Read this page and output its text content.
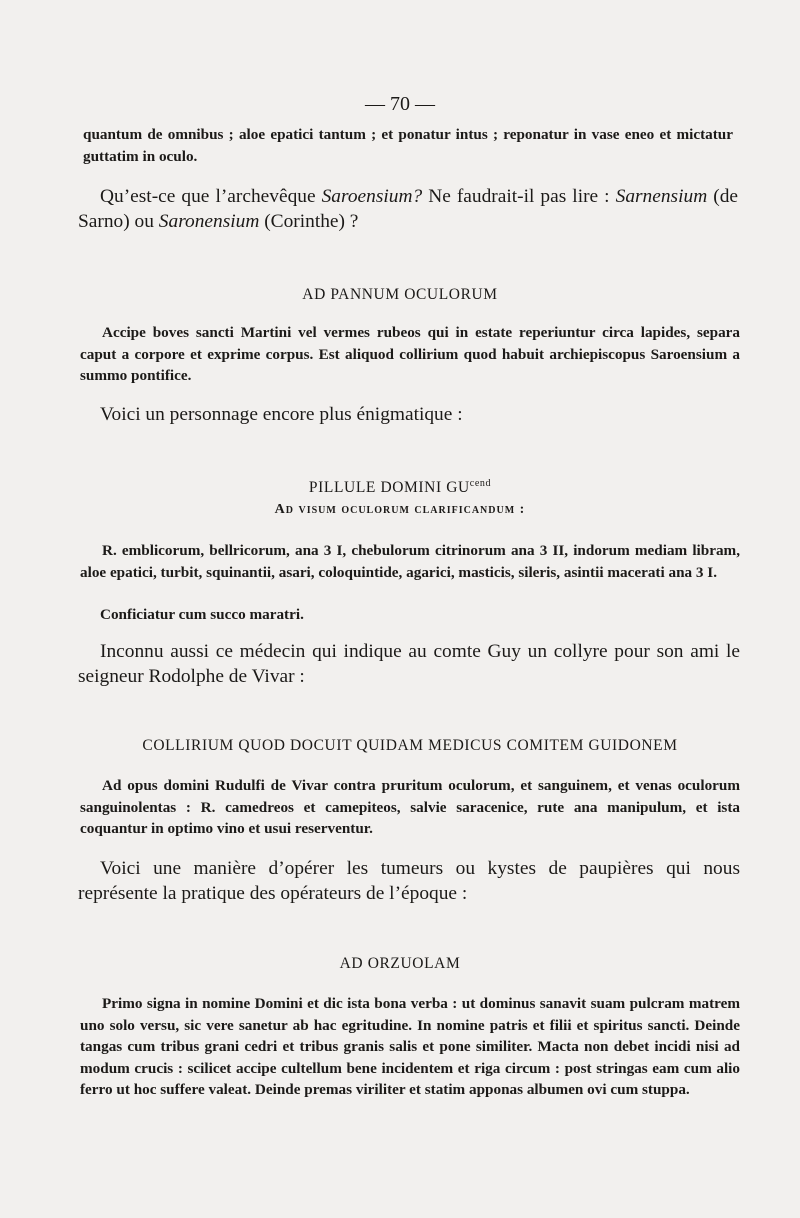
— 70 —

quantum de omnibus ; aloe epatici tantum ; et ponatur intus ; reponatur in vase eneo et mictatur guttatim in oculo.

Qu’est-ce que l’archevêque Saroensium? Ne faudrait-il pas lire : Sarnensium (de Sarno) ou Saronensium (Corinthe) ?

AD PANNUM OCULORUM

Accipe boves sancti Martini vel vermes rubeos qui in estate reperiuntur circa lapides, separa caput a corpore et exprime corpus. Est aliquod collirium quod habuit archiepiscopus Saroensium a summo pontifice.

Voici un personnage encore plus énigmatique :

PILLULE DOMINI $GU^{cend}$
Ad visum oculorum clarificandum :

R. emblicorum, bellricorum, ana 3 I, chebulorum citrinorum ana 3 II, indorum mediam libram, aloe epatici, turbit, squinantii, asari, coloquintide, agarici, masticis, sileris, asintii macerati ana 3 I.

Conficiatur cum succo maratri.

Inconnu aussi ce médecin qui indique au comte Guy un collyre pour son ami le seigneur Rodolphe de Vivar :

COLLIRIUM QUOD DOCUIT QUIDAM MEDICUS COMITEM GUIDONEM

Ad opus domini Rudulfi de Vivar contra pruritum oculorum, et sanguinem, et venas oculorum sanguinolentas : R. camedreos et camepiteos, salvie saracenice, rute ana manipulum, et ista coquantur in optimo vino et usui reserventur.

Voici une manière d’opérer les tumeurs ou kystes de paupières qui nous représente la pratique des opérateurs de l’époque :

AD ORZUOLAM

Primo signa in nomine Domini et dic ista bona verba : ut dominus sanavit suam pulcram matrem uno solo versu, sic vere sanetur ab hac egritudine. In nomine patris et filii et spiritus sancti. Deinde tangas cum tribus grani cedri et tribus granis salis et pone similiter. Macta non debet incidi nisi ad modum crucis : scilicet accipe cultellum bene incidentem et riga circum : post stringas eam cum alio ferro ut hoc suffere valeat. Deinde premas viriliter et statim apponas albumen ovi cum stuppa.
